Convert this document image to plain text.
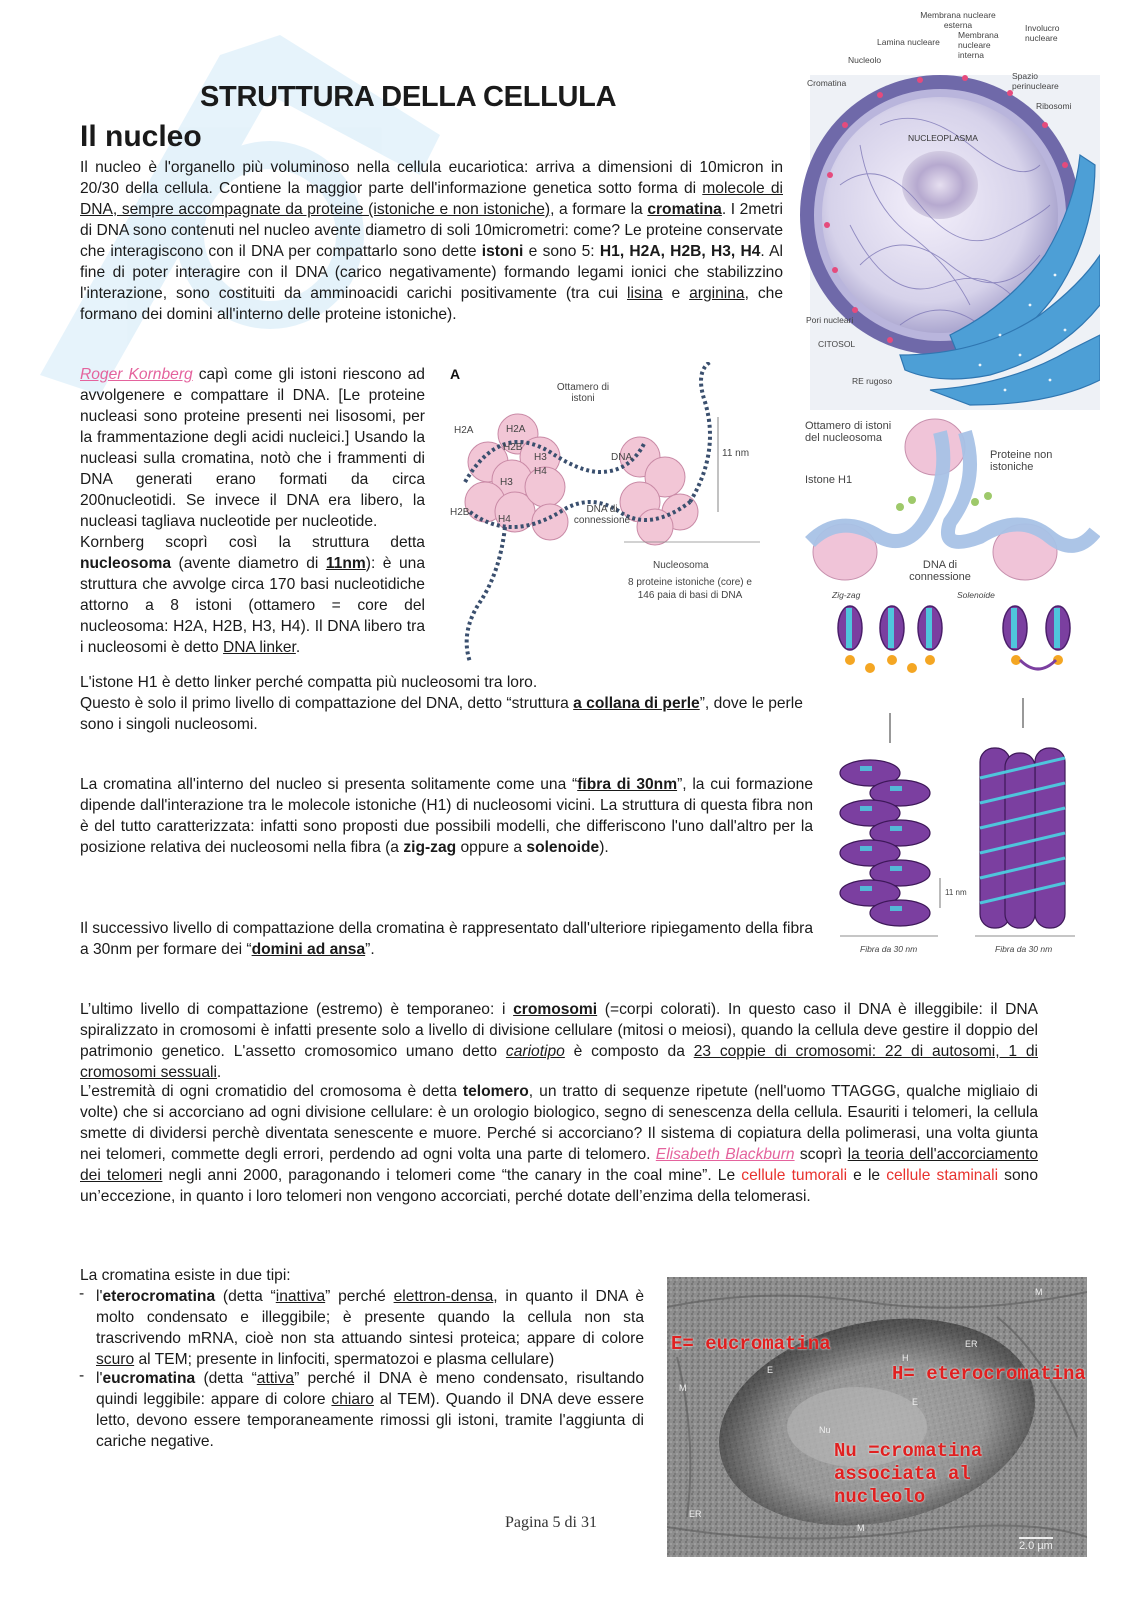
STRUTTURA DELLA CELLULA
Il nucleo

Il nucleo è l'organello più voluminoso nella cellula eucariotica: arriva a dimensioni di 10micron in 20/30 della cellula. Contiene la maggior parte dell'informazione genetica sotto forma di molecole di DNA, sempre accompagnate da proteine (istoniche e non istoniche), a formare la cromatina. I 2metri di DNA sono contenuti nel nucleo avente diametro di soli 10micrometri: come? Le proteine conservate che interagiscono con il DNA per compattarlo sono dette istoni e sono 5: H1, H2A, H2B, H3, H4. Al fine di poter interagire con il DNA (carico negativamente) formando legami ionici che stabilizzino l'interazione, sono costituiti da amminoacidi carichi positivamente (tra cui lisina e arginina, che formano dei domini all'interno delle proteine istoniche).

Roger Kornberg capì come gli istoni riescono ad avvolgenere e compattare il DNA. [Le proteine nucleasi sono proteine presenti nei lisosomi, per la frammentazione degli acidi nucleici.] Usando la nucleasi sulla cromatina, notò che i frammenti di DNA generati erano formati da circa 200nucleotidi. Se invece il DNA era libero, la nucleasi tagliava nucleotide per nucleotide.
Kornberg scoprì così la struttura detta nucleosoma (avente diametro di 11nm): è una struttura che avvolge circa 170 basi nucleotidiche attorno a 8 istoni (ottamero = core del nucleosoma: H2A, H2B, H3, H4). Il DNA libero tra i nucleosomi è detto DNA linker.

L'istone H1 è detto linker perché compatta più nucleosomi tra loro.
Questo è solo il primo livello di compattazione del DNA, detto “struttura a collana di perle”, dove le perle sono i singoli nucleosomi.

La cromatina all'interno del nucleo si presenta solitamente come una “fibra di 30nm”, la cui formazione dipende dall'interazione tra le molecole istoniche (H1) di nucleosomi vicini. La struttura di questa fibra non è del tutto caratterizzata: infatti sono proposti due possibili modelli, che differiscono l'uno dall'altro per la posizione relativa dei nucleosomi nella fibra (a zig-zag oppure a solenoide).

Il successivo livello di compattazione della cromatina è rappresentato dall'ulteriore ripiegamento della fibra a 30nm per formare dei “domini ad ansa”.

L’ultimo livello di compattazione (estremo) è temporaneo: i cromosomi (=corpi colorati). In questo caso il DNA è illeggibile: il DNA spiralizzato in cromosomi è infatti presente solo a livello di divisione cellulare (mitosi o meiosi), quando la cellula deve gestire il doppio del patrimonio genetico. L'assetto cromosomico umano detto cariotipo è composto da 23 coppie di cromosomi: 22 di autosomi, 1 di cromosomi sessuali.

L’estremità di ogni cromatidio del cromosoma è detta telomero, un tratto di sequenze ripetute (nell'uomo TTAGGG, qualche migliaio di volte) che si accorciano ad ogni divisione cellulare: è un orologio biologico, segno di senescenza della cellula. Esauriti i telomeri, la cellula smette di dividersi perchè diventata senescente e muore. Perché si accorciano? Il sistema di copiatura della polimerasi, una volta giunta nei telomeri, commette degli errori, perdendo ad ogni volta una parte di telomero. Elisabeth Blackburn scoprì la teoria dell'accorciamento dei telomeri negli anni 2000, paragonando i telomeri come “the canary in the coal mine”. Le cellule tumorali e le cellule staminali sono un’eccezione, in quanto i loro telomeri non vengono accorciati, perché dotate dell’enzima della telomerasi.

La cromatina esiste in due tipi:

- l'eterocromatina (detta “inattiva” perché elettron-densa, in quanto il DNA è molto condensato e illeggibile; è presente quando la cellula non sta trascrivendo mRNA, cioè non sta attuando sintesi proteica; appare di colore scuro al TEM; presente in linfociti, spermatozoi e plasma cellulare)
- l'eucromatina (detta “attiva” perché il DNA è meno condensato, risultando quindi leggibile: appare di colore chiaro al TEM). Quando il DNA deve essere letto, devono essere temporaneamente rimossi gli istoni, tramite l'aggiunta di cariche negative.
Pagina 5 di 31
Membrana nucleare esterna
Membrana nucleare interna
Involucro nucleare
Lamina nucleare
Nucleolo
Cromatina
Spazio perinucleare
Ribosomi
NUCLEOPLASMA
Pori nucleari
CITOSOL
RE rugoso
A
Ottamero di istoni
H2A	H2A
H2B
H3
H4
H3
H2B
H4
DNA	11 nm
DNA di connessione
Nucleosoma
8 proteine istoniche (core) e 146 paia di basi di DNA
Ottamero di istoni del nucleosoma
Istone H1
Proteine non istoniche
DNA di connessione
Zig-zag	Solenoide
11 nm
Fibra da 30 nm	Fibra da 30 nm
E= eucromatina
H= eterocromatina
Nu =cromatina associata al nucleolo
M
ER
E
H
M
E
Nu
ER
M
2.0 µm
